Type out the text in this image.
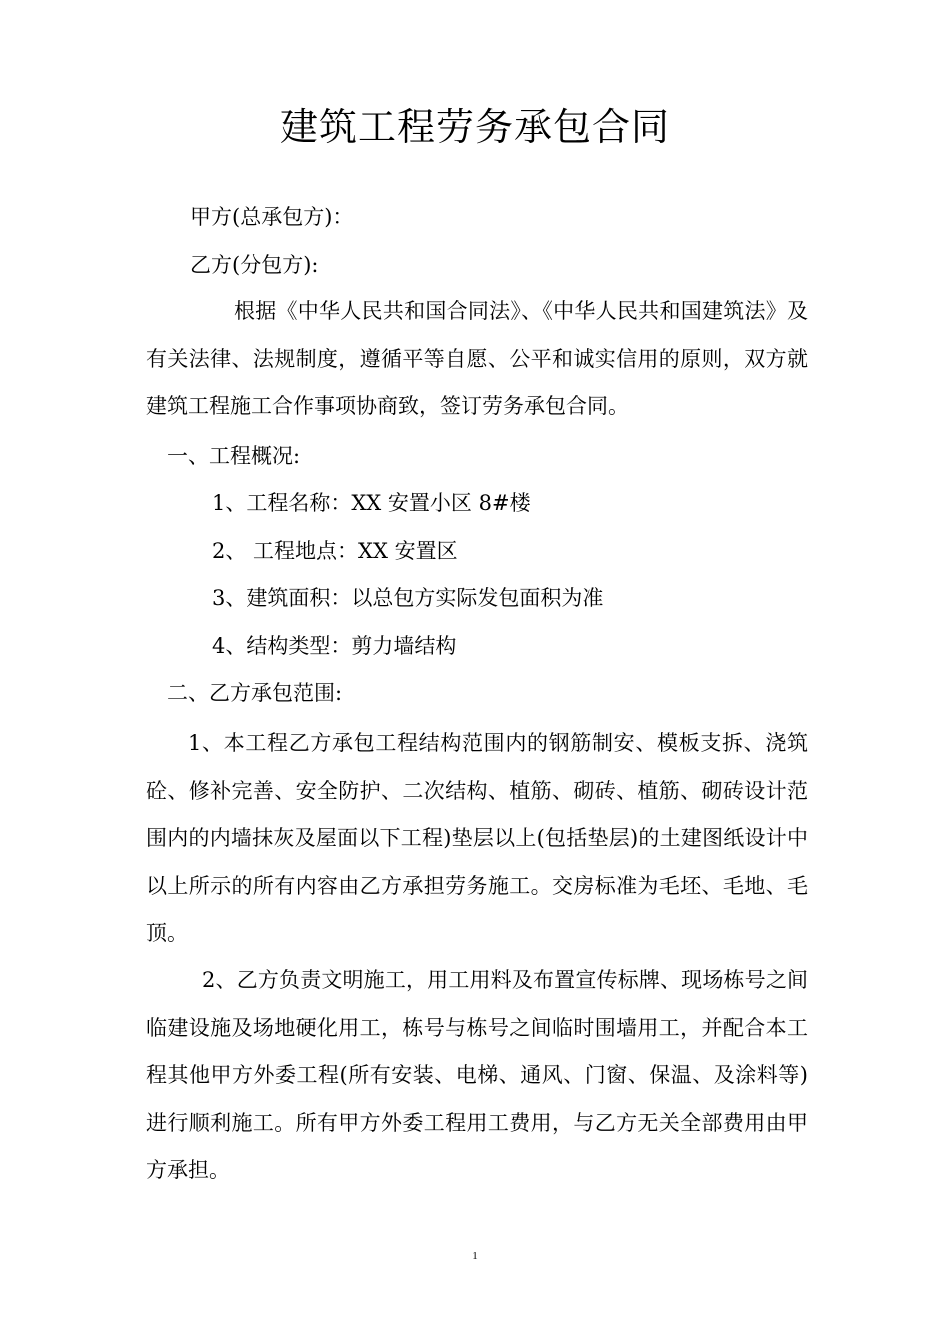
建筑工程劳务承包合同
甲方(总承包方)：
乙方(分包方):
根据《中华人民共和国合同法》、《中华人民共和国建筑法》及有关法律、法规制度，遵循平等自愿、公平和诚实信用的原则，双方就建筑工程施工合作事项协商致，签订劳务承包合同。
一、工程概况:
1、工程名称：XX 安置小区 8#楼
2、 工程地点：XX 安置区
3、建筑面积：以总包方实际发包面积为准
4、结构类型：剪力墙结构
二、乙方承包范围:
1、本工程乙方承包工程结构范围内的钢筋制安、模板支拆、浇筑砼、修补完善、安全防护、二次结构、植筋、砌砖、植筋、砌砖设计范围内的内墙抹灰及屋面以下工程)垫层以上(包括垫层)的土建图纸设计中以上所示的所有内容由乙方承担劳务施工。交房标准为毛坯、毛地、毛顶。
2、乙方负责文明施工，用工用料及布置宣传标牌、现场栋号之间临建设施及场地硬化用工，栋号与栋号之间临时围墙用工，并配合本工程其他甲方外委工程(所有安装、电梯、通风、门窗、保温、及涂料等)进行顺利施工。所有甲方外委工程用工费用，与乙方无关全部费用由甲方承担。
1
